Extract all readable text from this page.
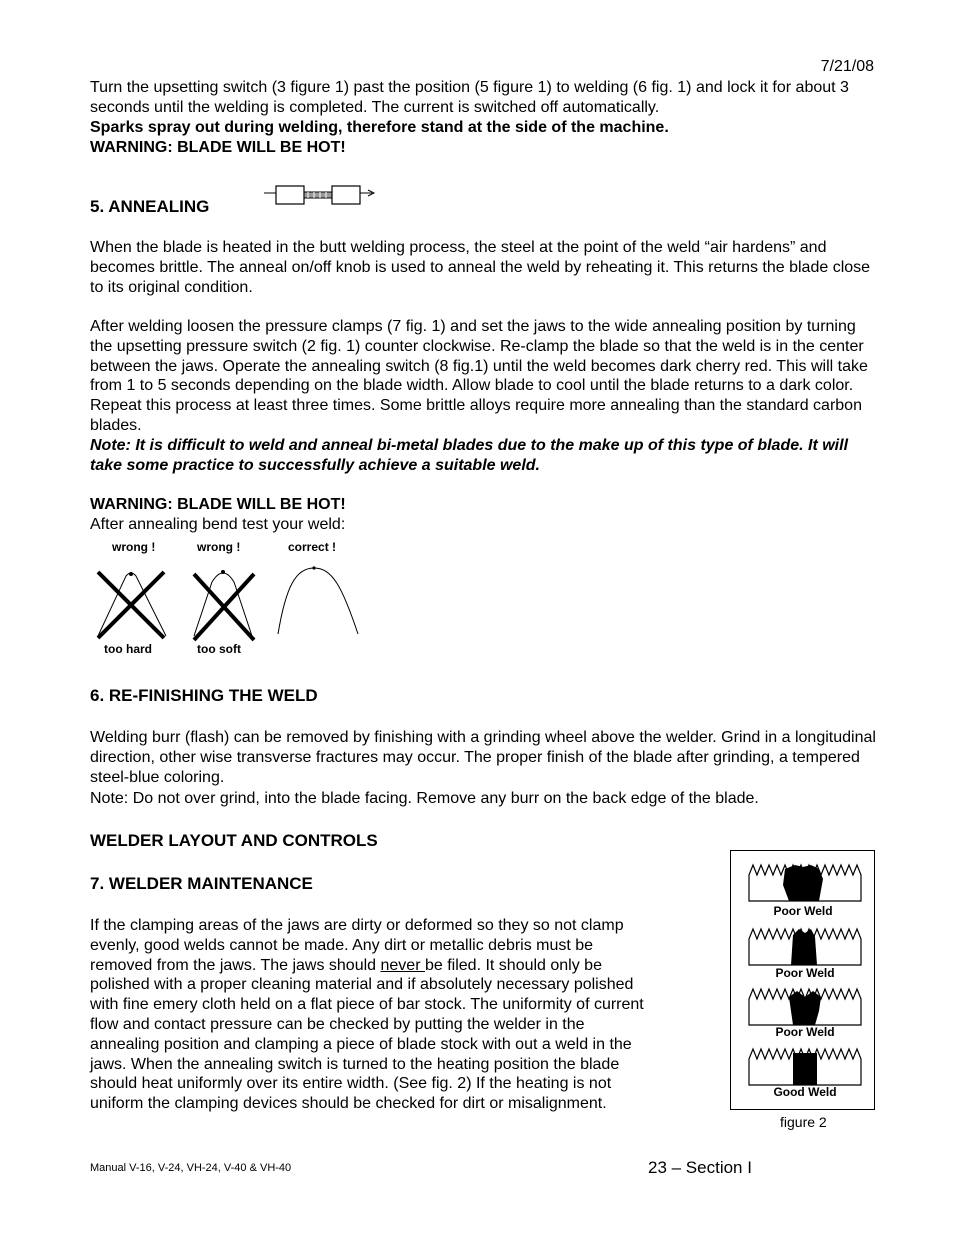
7/21/08

Turn the upsetting switch (3 figure 1) past the position (5 figure 1) to welding (6 fig. 1) and lock it for about 3 seconds until the welding is completed. The current is switched off automatically.

Sparks spray out during welding, therefore stand at the side of the machine.

WARNING: BLADE WILL BE HOT!

5. ANNEALING

When the blade is heated in the butt welding process, the steel at the point of the weld “air hardens” and becomes brittle. The anneal on/off knob is used to anneal the weld by reheating it. This returns the blade close to its original condition.

After welding loosen the pressure clamps (7 fig. 1) and set the jaws to the wide annealing position by turning the upsetting pressure switch (2 fig. 1) counter clockwise. Re-clamp the blade so that the weld is in the center between the jaws. Operate the annealing switch (8 fig.1) until the weld becomes dark cherry red. This will take from 1 to 5 seconds depending on the blade width. Allow blade to cool until the blade returns to a dark color. Repeat this process at least three times. Some brittle alloys require more annealing than the standard carbon blades.

Note: It is difficult to weld and anneal bi-metal blades due to the make up of this type of blade. It will take some practice to successfully achieve a suitable weld.

WARNING: BLADE WILL BE HOT!

After annealing bend test your weld:

wrong !	wrong !	correct !
too hard	too soft
6. RE-FINISHING THE WELD

Welding burr (flash) can be removed by finishing with a grinding wheel above the welder. Grind in a longitudinal direction, other wise transverse fractures may occur. The proper finish of the blade after grinding, a tempered steel-blue coloring.

Note: Do not over grind, into the blade facing. Remove any burr on the back edge of the blade.

WELDER LAYOUT AND CONTROLS
7. WELDER MAINTENANCE
If the clamping areas of the jaws are dirty or deformed so they so not clamp
evenly, good welds cannot be made. Any dirt or metallic debris must be
removed from the jaws. The jaws should never be filed. It should only be
polished with a proper cleaning material and if absolutely necessary polished
with fine emery cloth held on a flat piece of bar stock. The uniformity of current
flow and contact pressure can be checked by putting the welder in the
annealing position and clamping a piece of blade stock with out a weld in the
jaws. When the annealing switch is turned to the heating position the blade
should heat uniformly over its entire width. (See fig. 2) If the heating is not
uniform the clamping devices should be checked for dirt or misalignment.
Poor Weld
Poor Weld
Poor Weld
Good Weld
figure 2
Manual V-16, V-24, VH-24, V-40 & VH-40	23 – Section I
